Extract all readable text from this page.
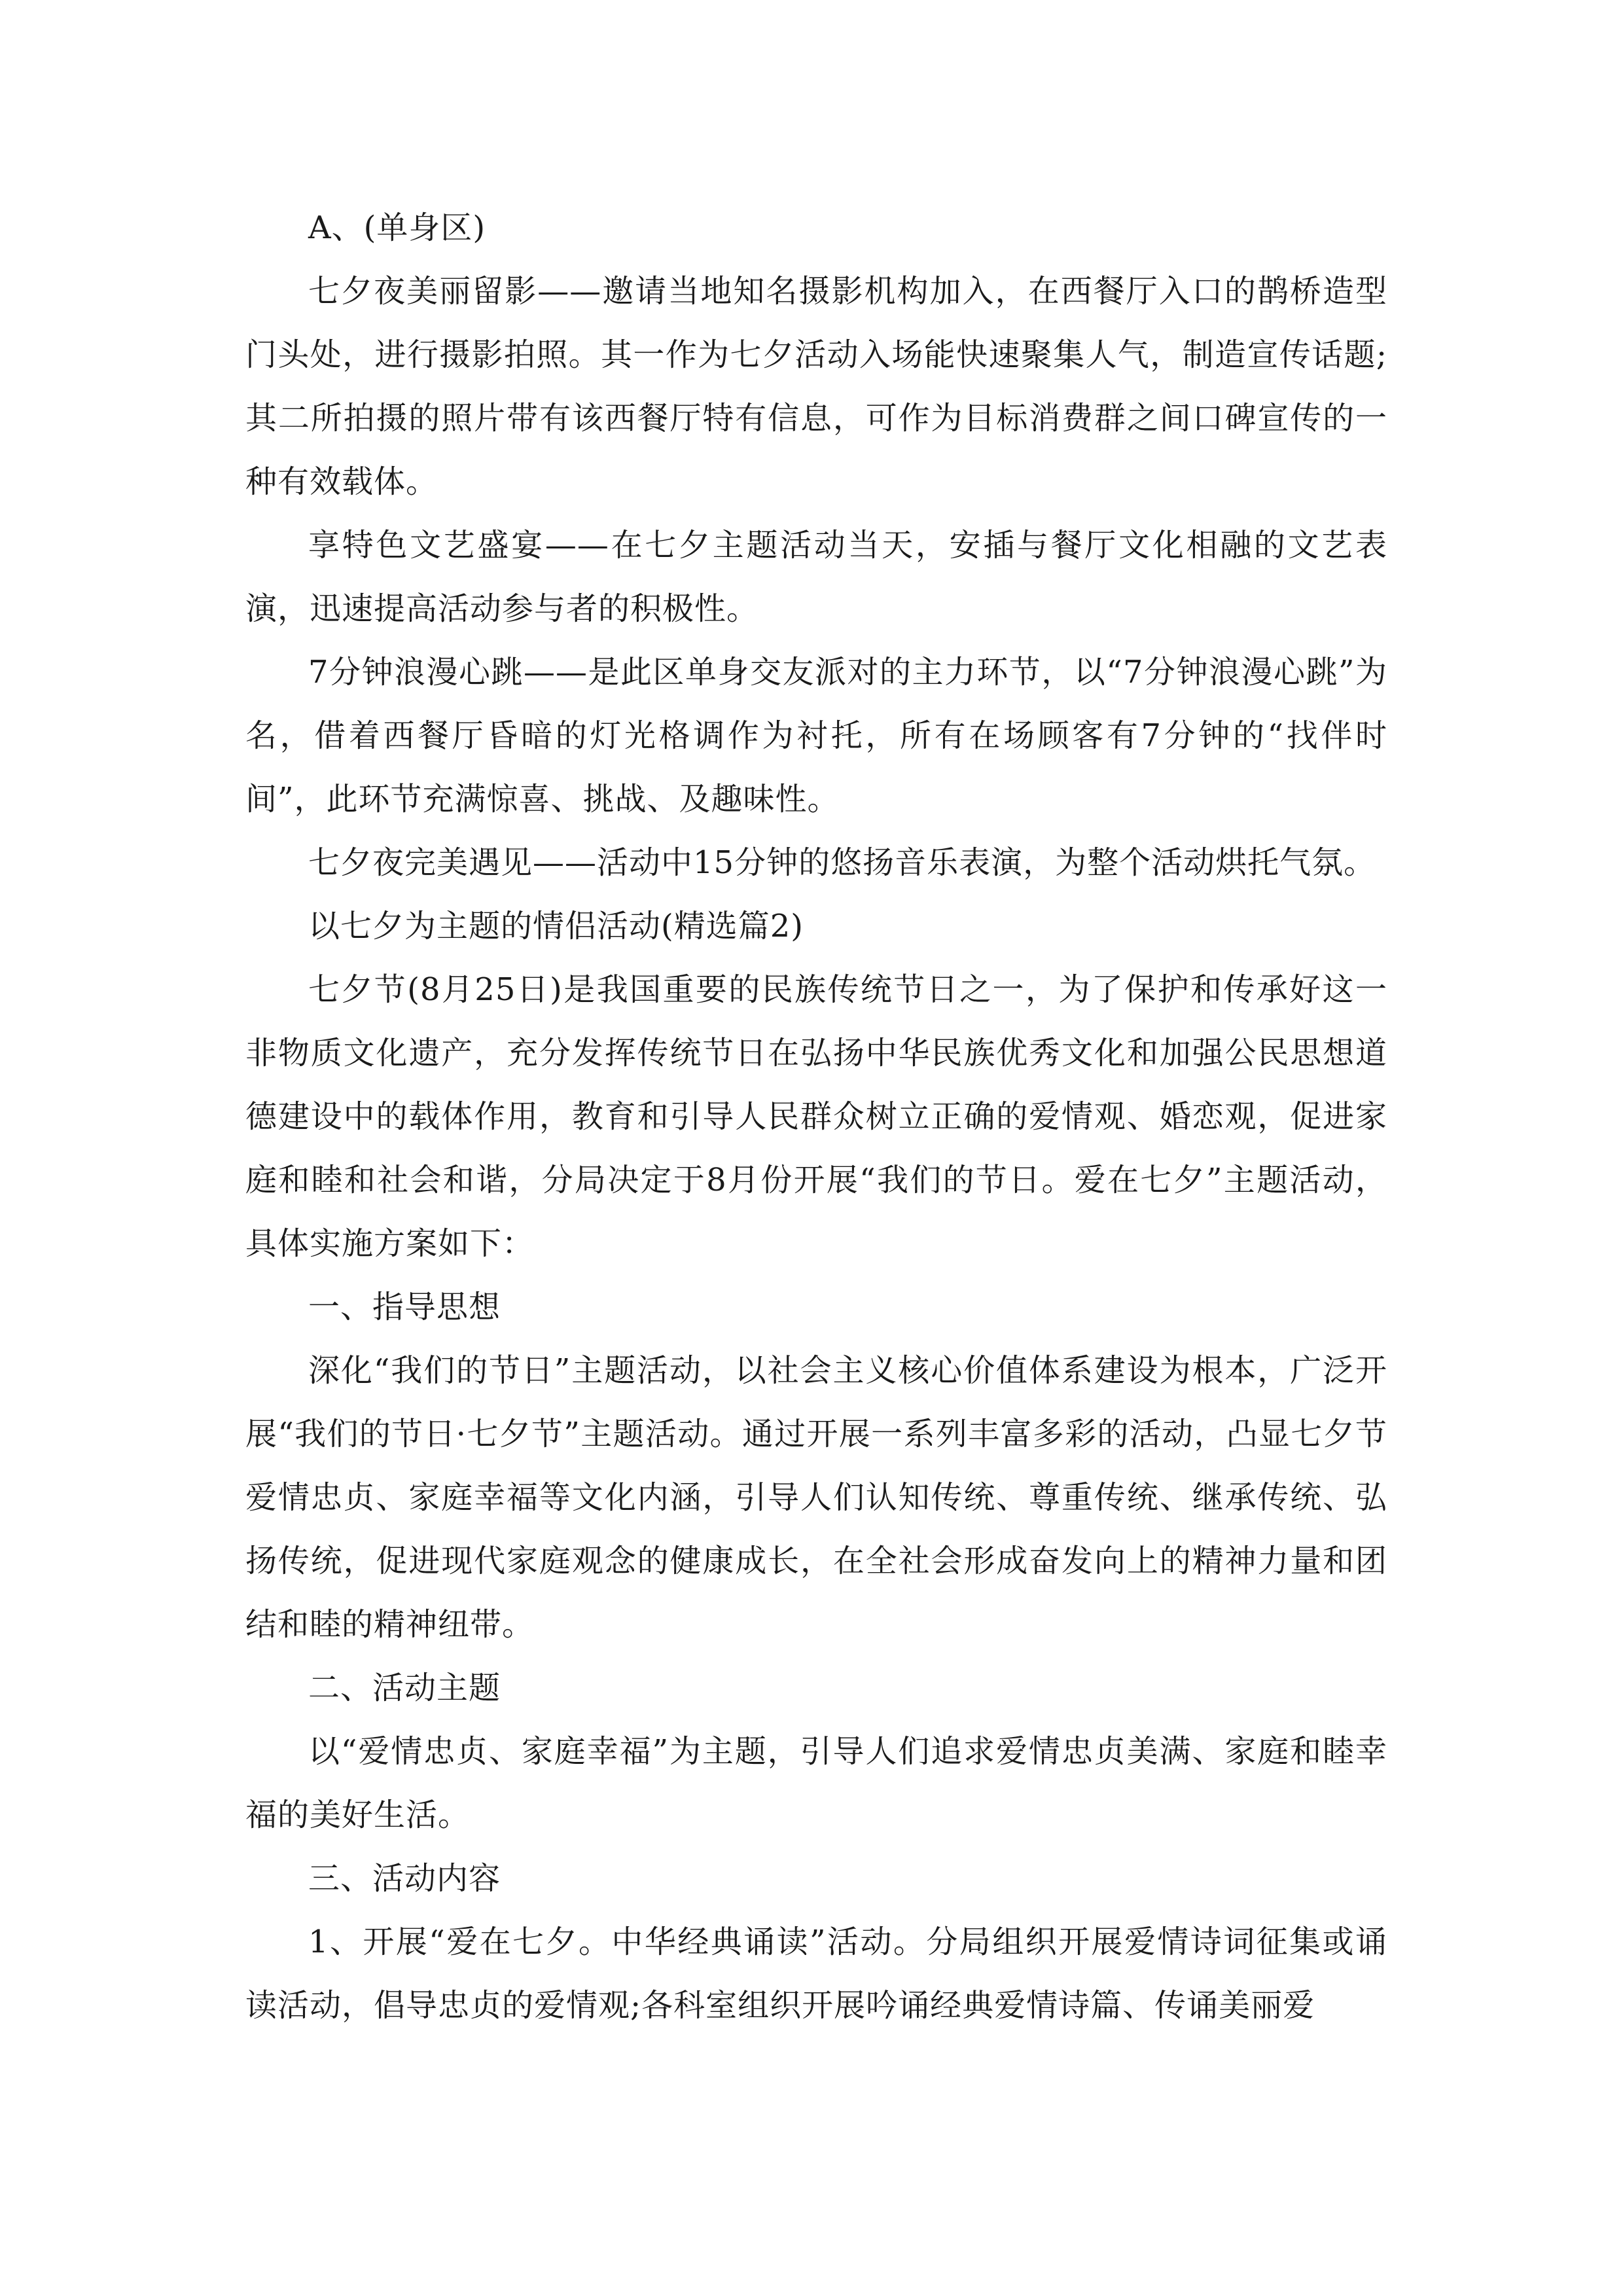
A、(单身区)

七夕夜美丽留影——邀请当地知名摄影机构加入，在西餐厅入口的鹊桥造型门头处，进行摄影拍照。其一作为七夕活动入场能快速聚集人气，制造宣传话题;其二所拍摄的照片带有该西餐厅特有信息，可作为目标消费群之间口碑宣传的一种有效载体。

享特色文艺盛宴——在七夕主题活动当天，安插与餐厅文化相融的文艺表演，迅速提高活动参与者的积极性。

7分钟浪漫心跳——是此区单身交友派对的主力环节，以“7分钟浪漫心跳”为名，借着西餐厅昏暗的灯光格调作为衬托，所有在场顾客有7分钟的“找伴时间”，此环节充满惊喜、挑战、及趣味性。

七夕夜完美遇见——活动中15分钟的悠扬音乐表演，为整个活动烘托气氛。

以七夕为主题的情侣活动(精选篇2)

七夕节(8月25日)是我国重要的民族传统节日之一，为了保护和传承好这一非物质文化遗产，充分发挥传统节日在弘扬中华民族优秀文化和加强公民思想道德建设中的载体作用，教育和引导人民群众树立正确的爱情观、婚恋观，促进家庭和睦和社会和谐，分局决定于8月份开展“我们的节日。爱在七夕”主题活动，具体实施方案如下：

一、指导思想

深化“我们的节日”主题活动，以社会主义核心价值体系建设为根本，广泛开展“我们的节日·七夕节”主题活动。通过开展一系列丰富多彩的活动，凸显七夕节爱情忠贞、家庭幸福等文化内涵，引导人们认知传统、尊重传统、继承传统、弘扬传统，促进现代家庭观念的健康成长，在全社会形成奋发向上的精神力量和团结和睦的精神纽带。

二、活动主题

以“爱情忠贞、家庭幸福”为主题，引导人们追求爱情忠贞美满、家庭和睦幸福的美好生活。

三、活动内容

1、开展“爱在七夕。中华经典诵读”活动。分局组织开展爱情诗词征集或诵读活动，倡导忠贞的爱情观;各科室组织开展吟诵经典爱情诗篇、传诵美丽爱
